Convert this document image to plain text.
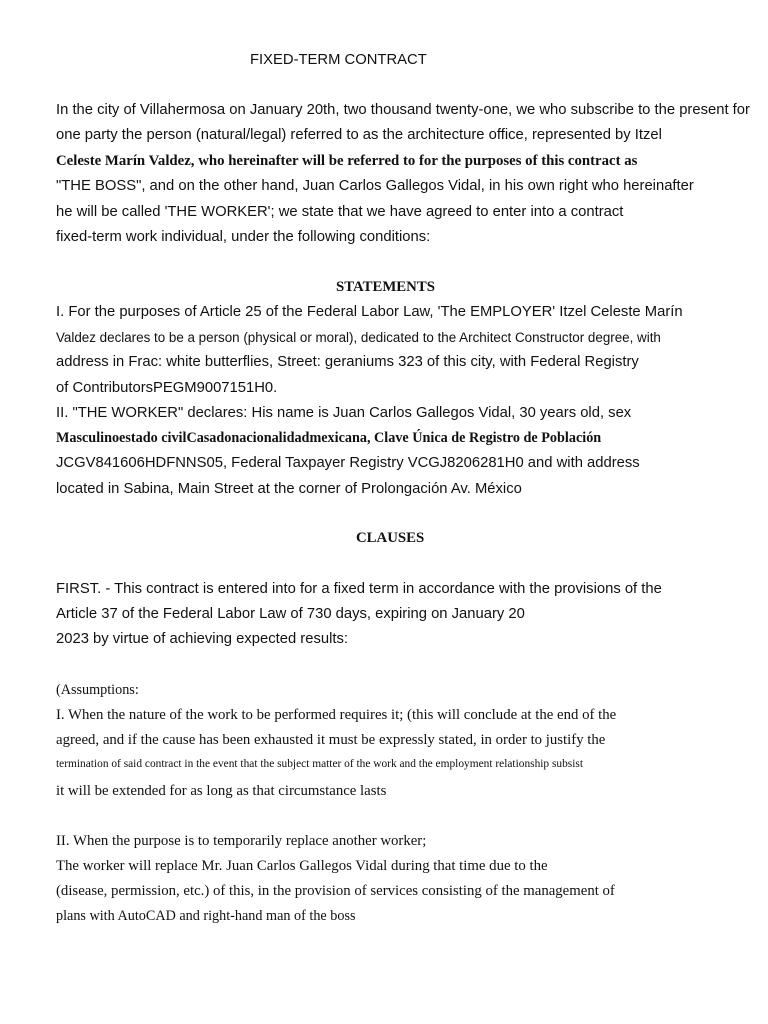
FIXED-TERM CONTRACT
In the city of Villahermosa on January 20th, two thousand twenty-one, we who subscribe to the present for
one party the person (natural/legal) referred to as the architecture office, represented by Itzel
Celeste Marín Valdez, who hereinafter will be referred to for the purposes of this contract as
"THE BOSS", and on the other hand, Juan Carlos Gallegos Vidal, in his own right who hereinafter
he will be called 'THE WORKER'; we state that we have agreed to enter into a contract
fixed-term work individual, under the following conditions:
STATEMENTS
I. For the purposes of Article 25 of the Federal Labor Law, 'The EMPLOYER' Itzel Celeste Marín
Valdez declares to be a person (physical or moral), dedicated to the Architect Constructor degree, with
address in Frac: white butterflies, Street: geraniums 323 of this city, with Federal Registry
of ContributorsPEGM9007151H0.
II. "THE WORKER" declares: His name is Juan Carlos Gallegos Vidal, 30 years old, sex
Masculinoestado civilCasadonacionalidadmexicana, Clave Única de Registro de Población
JCGV841606HDFNNS05, Federal Taxpayer Registry VCGJ8206281H0 and with address
located in Sabina, Main Street at the corner of Prolongación Av. México
CLAUSES
FIRST. - This contract is entered into for a fixed term in accordance with the provisions of the
Article 37 of the Federal Labor Law of 730 days, expiring on January 20
2023 by virtue of achieving expected results:
(Assumptions:
I. When the nature of the work to be performed requires it; (this will conclude at the end of the
agreed, and if the cause has been exhausted it must be expressly stated, in order to justify the
termination of said contract in the event that the subject matter of the work and the employment relationship subsist
it will be extended for as long as that circumstance lasts
II. When the purpose is to temporarily replace another worker;
The worker will replace Mr. Juan Carlos Gallegos Vidal during that time due to the
(disease, permission, etc.) of this, in the provision of services consisting of the management of
plans with AutoCAD and right-hand man of the boss
